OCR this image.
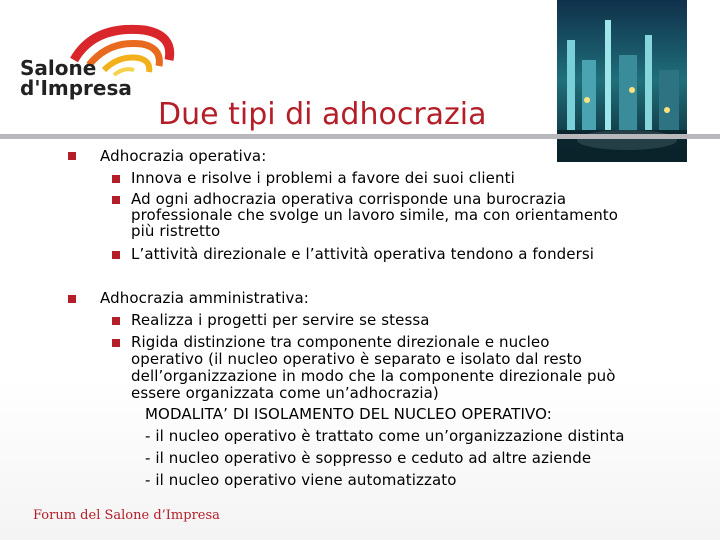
Salone
d'Impresa
Due tipi di adhocrazia
Adhocrazia operativa:
Innova e risolve i problemi a favore dei suoi clienti
Ad ogni adhocrazia operativa corrisponde una burocrazia
professionale che svolge un lavoro simile, ma con orientamento
più ristretto
L’attività direzionale e l’attività operativa tendono a fondersi
Adhocrazia amministrativa:
Realizza i progetti per servire se stessa
Rigida distinzione tra componente direzionale e nucleo
operativo (il nucleo operativo è separato e isolato dal resto
dell’organizzazione in modo che la componente direzionale può
essere organizzata come un’adhocrazia)
MODALITA’ DI ISOLAMENTO DEL NUCLEO OPERATIVO:
- il nucleo operativo è trattato come un’organizzazione distinta
- il nucleo operativo è soppresso e ceduto ad altre aziende
- il nucleo operativo viene automatizzato
Forum del Salone d’Impresa
